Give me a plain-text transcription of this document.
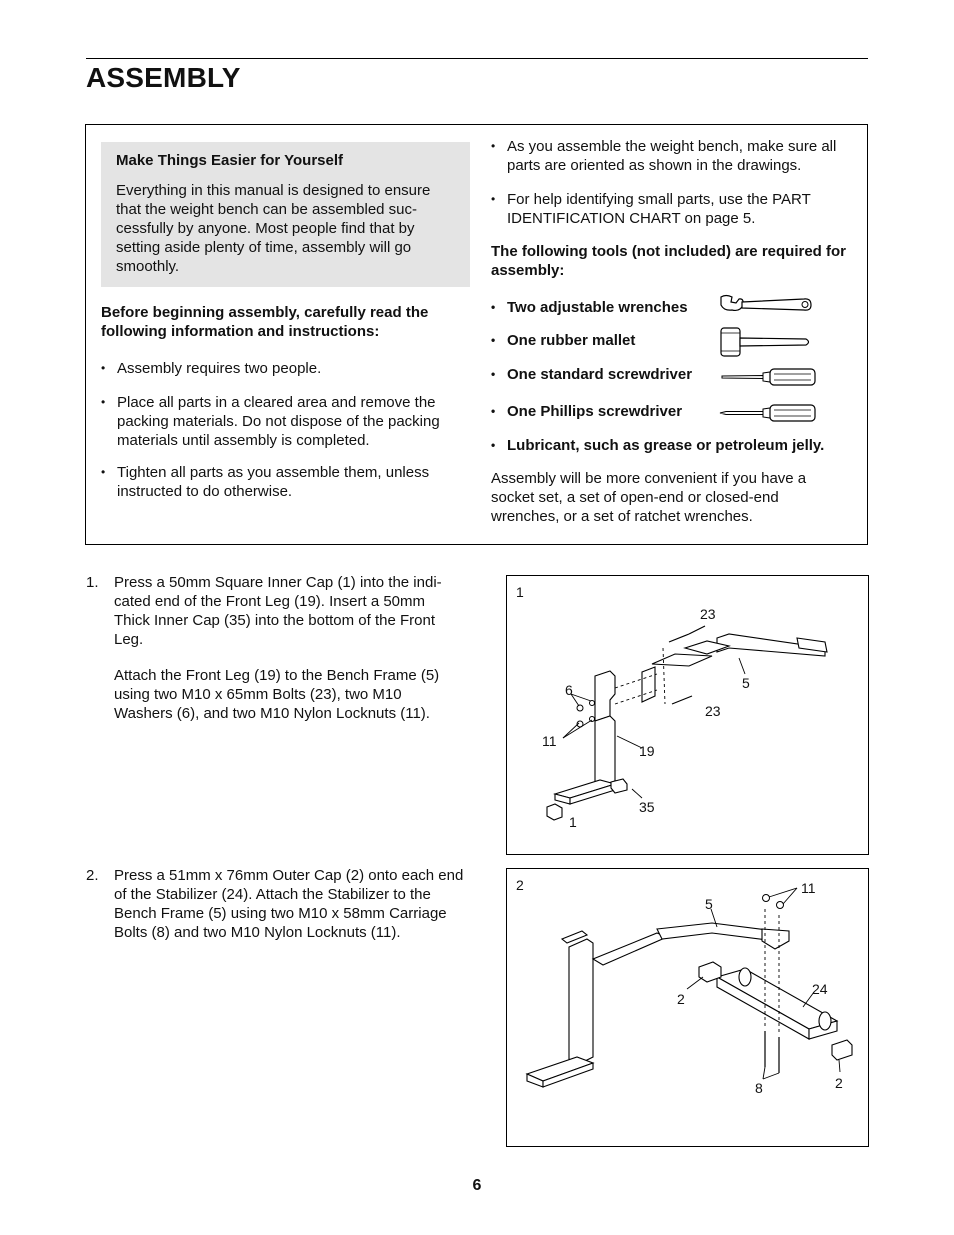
ASSEMBLY
Make Things Easier for Yourself
Everything in this manual is designed to ensure that the weight bench can be assembled suc-cessfully by anyone. Most people find that by setting aside plenty of time, assembly will go smoothly.
Before beginning assembly, carefully read the following information and instructions:
• Assembly requires two people.
• Place all parts in a cleared area and remove the packing materials. Do not dispose of the packing materials until assembly is completed.
• Tighten all parts as you assemble them, unless instructed to do otherwise.
• As you assemble the weight bench, make sure all parts are oriented as shown in the drawings.
• For help identifying small parts, use the PART IDENTIFICATION CHART on page 5.
The following tools (not included) are required for assembly:
• Two adjustable wrenches
• One rubber mallet
• One standard screwdriver
• One Phillips screwdriver
• Lubricant, such as grease or petroleum jelly.
Assembly will be more convenient if you have a socket set, a set of open-end or closed-end wrenches, or a set of ratchet wrenches.
1. Press a 50mm Square Inner Cap (1) into the indi-cated end of the Front Leg (19). Insert a 50mm Thick Inner Cap (35) into the bottom of the Front Leg.
Attach the Front Leg (19) to the Bench Frame (5) using two M10 x 65mm Bolts (23), two M10 Washers (6), and two M10 Nylon Locknuts (11).
1
23
5
6
23
11
19
35
1
2. Press a 51mm x 76mm Outer Cap (2) onto each end of the Stabilizer (24). Attach the Stabilizer to the Bench Frame (5) using two M10 x 58mm Carriage Bolts (8) and two M10 Nylon Locknuts (11).
2
5
11
2
24
8	2
6
